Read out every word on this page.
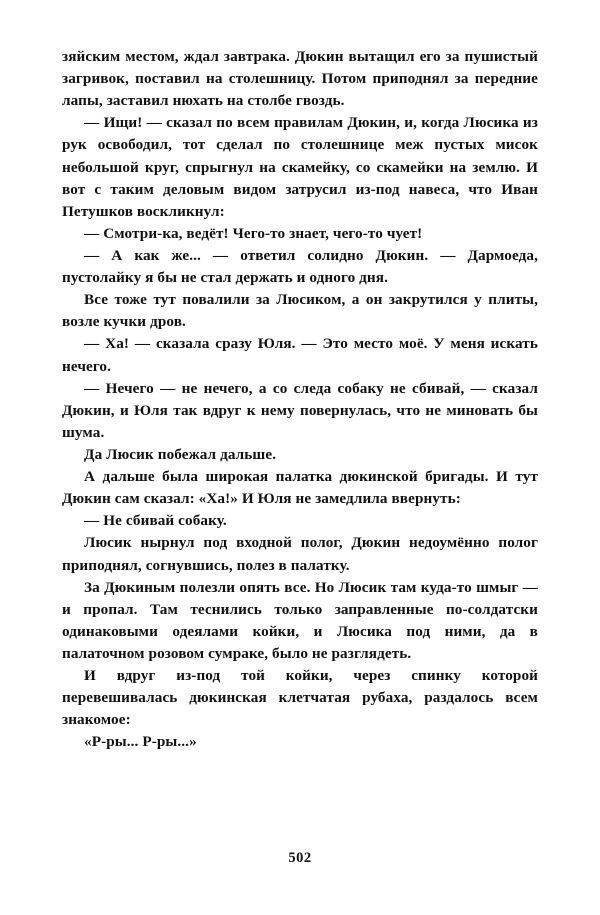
зяйским местом, ждал завтрака. Дюкин вытащил его за пушистый загривок, поставил на столешницу. Потом приподнял за передние лапы, заставил нюхать на столбе гвоздь.

— Ищи! — сказал по всем правилам Дюкин, и, когда Люсика из рук освободил, тот сделал по столешнице меж пустых мисок небольшой круг, спрыгнул на скамейку, со скамейки на землю. И вот с таким деловым видом затрусил из-под навеса, что Иван Петушков воскликнул:

— Смотри-ка, ведёт! Чего-то знает, чего-то чует!

— А как же... — ответил солидно Дюкин. — Дармоеда, пустолайку я бы не стал держать и одного дня.

Все тоже тут повалили за Люсиком, а он закрутился у плиты, возле кучки дров.

— Ха! — сказала сразу Юля. — Это место моё. У меня искать нечего.

— Нечего — не нечего, а со следа собаку не сбивай, — сказал Дюкин, и Юля так вдруг к нему повернулась, что не миновать бы шума.

Да Люсик побежал дальше.

А дальше была широкая палатка дюкинской бригады. И тут Дюкин сам сказал: «Ха!» И Юля не замедлила ввернуть:

— Не сбивай собаку.

Люсик нырнул под входной полог, Дюкин недоумённо полог приподнял, согнувшись, полез в палатку.

За Дюкиным полезли опять все. Но Люсик там куда-то шмыг — и пропал. Там теснились только заправленные по-солдатски одинаковыми одеялами койки, и Люсика под ними, да в палаточном розовом сумраке, было не разглядеть.

И вдруг из-под той койки, через спинку которой перевешивалась дюкинская клетчатая рубаха, раздалось всем знакомое:

«Р-ры... Р-ры...»

502
